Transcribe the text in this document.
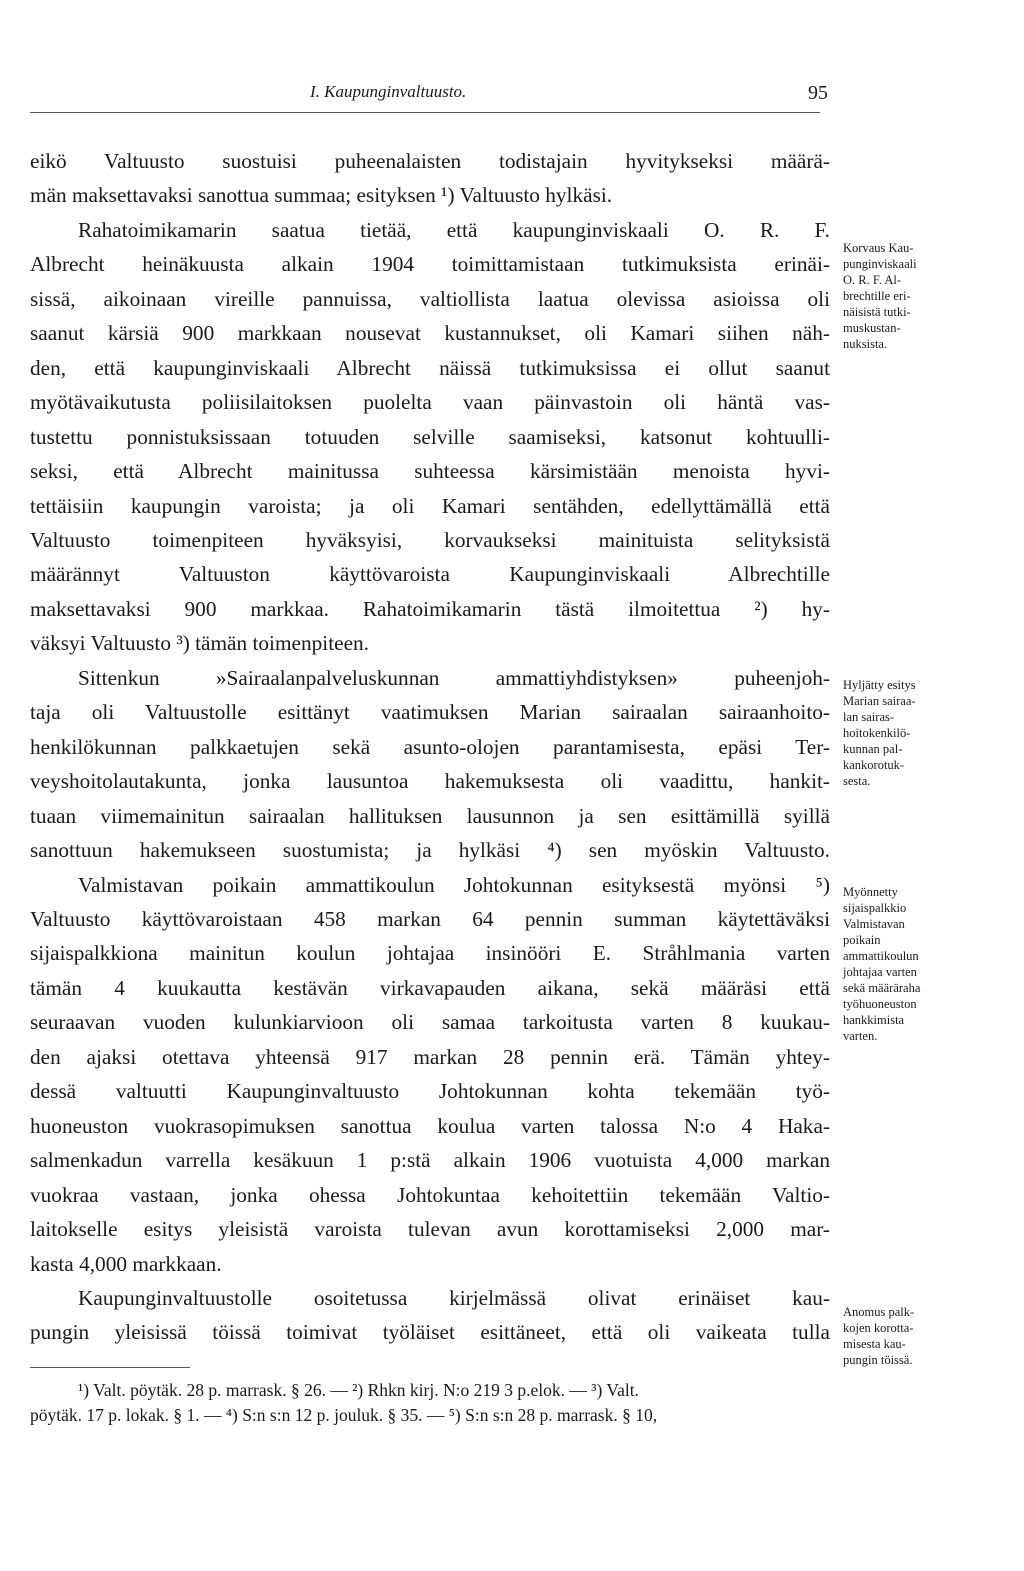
I. Kaupunginvaltuusto.	95
eikö Valtuusto suostuisi puheenalaisten todistajain hyvitykseksi määrä-
män maksettavaksi sanottua summaa; esityksen ¹) Valtuusto hylkäsi.
Rahatoimikamarin saatua tietää, että kaupunginviskaali O. R. F.
Albrecht heinäkuusta alkain 1904 toimittamistaan tutkimuksista erinäi-
sissä, aikoinaan vireille pannuissa, valtiollista laatua olevissa asioissa oli
saanut kärsiä 900 markkaan nousevat kustannukset, oli Kamari siihen näh-
den, että kaupunginviskaali Albrecht näissä tutkimuksissa ei ollut saanut
myötävaikutusta poliisilaitoksen puolelta vaan päinvastoin oli häntä vas-
tustettu ponnistuksissaan totuuden selville saamiseksi, katsonut kohtuulli-
seksi, että Albrecht mainitussa suhteessa kärsimistään menoista hyvi-
tettäisiin kaupungin varoista; ja oli Kamari sentähden, edellyttämällä että
Valtuusto toimenpiteen hyväksyisi, korvaukseksi mainituista selityksistä
määrännyt Valtuuston käyttövaroista Kaupunginviskaali Albrechtille
maksettavaksi 900 markkaa. Rahatoimikamarin tästä ilmoitettua ²) hy-
väksyi Valtuusto ³) tämän toimenpiteen.
Sittenkun »Sairaalanpalveluskunnan ammattiyhdistyksen» puheenjoh-
taja oli Valtuustolle esittänyt vaatimuksen Marian sairaalan sairaanhoito-
henkilökunnan palkkaetujen sekä asunto-olojen parantamisesta, epäsi Ter-
veyshoitolautakunta, jonka lausuntoa hakemuksesta oli vaadittu, hankit-
tuaan viimemainitun sairaalan hallituksen lausunnon ja sen esittämillä syillä
sanottuun hakemukseen suostumista; ja hylkäsi ⁴) sen myöskin Valtuusto.
Valmistavan poikain ammattikoulun Johtokunnan esityksestä myönsi ⁵)
Valtuusto käyttövaroistaan 458 markan 64 pennin summan käytettäväksi
sijaispalkkiona mainitun koulun johtajaa insinööri E. Stråhlmania varten
tämän 4 kuukautta kestävän virkavapauden aikana, sekä määräsi että
seuraavan vuoden kulunkiarvioon oli samaa tarkoitusta varten 8 kuukau-
den ajaksi otettava yhteensä 917 markan 28 pennin erä. Tämän yhtey-
dessä valtuutti Kaupunginvaltuusto Johtokunnan kohta tekemään työ-
huoneuston vuokrasopimuksen sanottua koulua varten talossa N:o 4 Haka-
salmenkadun varrella kesäkuun 1 p:stä alkain 1906 vuotuista 4,000 markan
vuokraa vastaan, jonka ohessa Johtokuntaa kehoitettiin tekemään Valtio-
laitokselle esitys yleisistä varoista tulevan avun korottamiseksi 2,000 mar-
kasta 4,000 markkaan.
Kaupunginvaltuustolle osoitetussa kirjelmässä olivat erinäiset kau-
pungin yleisissä töissä toimivat työläiset esittäneet, että oli vaikeata tulla
Korvaus Kau-
punginviskaali
O. R. F. Al-
brechtille eri-
näisistä tutki-
muskustan-
nuksista.
Hyljätty esitys
Marian sairaa-
lan sairas-
hoitokenkilö-
kunnan pal-
kankorotuk-
sesta.
Myönnetty
sijaispalkkio
Valmistavan
poikain
ammattikoulun
johtajaa varten
sekä määräraha
työhuoneuston
hankkimista
varten.
Anomus palk-
kojen korotta-
misesta kau-
pungin töissä.
¹) Valt. pöytäk. 28 p. marrask. § 26. — ²) Rhkn kirj. N:o 219 3 p.elok. — ³) Valt.
pöytäk. 17 p. lokak. § 1. — ⁴) S:n s:n 12 p. jouluk. § 35. — ⁵) S:n s:n 28 p. marrask. § 10,
